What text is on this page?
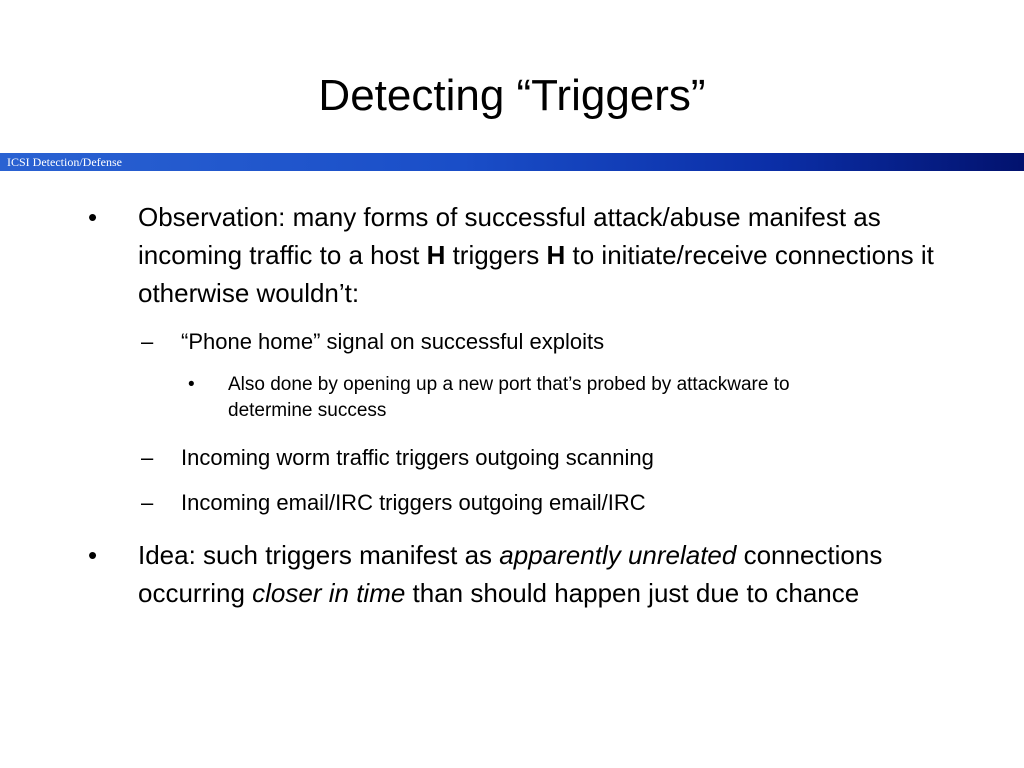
Detecting “Triggers”
ICSI Detection/Defense
• Observation: many forms of successful attack/abuse manifest as incoming traffic to a host H triggers H to initiate/receive connections it otherwise wouldn’t:
– “Phone home” signal on successful exploits
• Also done by opening up a new port that’s probed by attackware to determine success
– Incoming worm traffic triggers outgoing scanning
– Incoming email/IRC triggers outgoing email/IRC
• Idea: such triggers manifest as apparently unrelated connections occurring closer in time than should happen just due to chance
